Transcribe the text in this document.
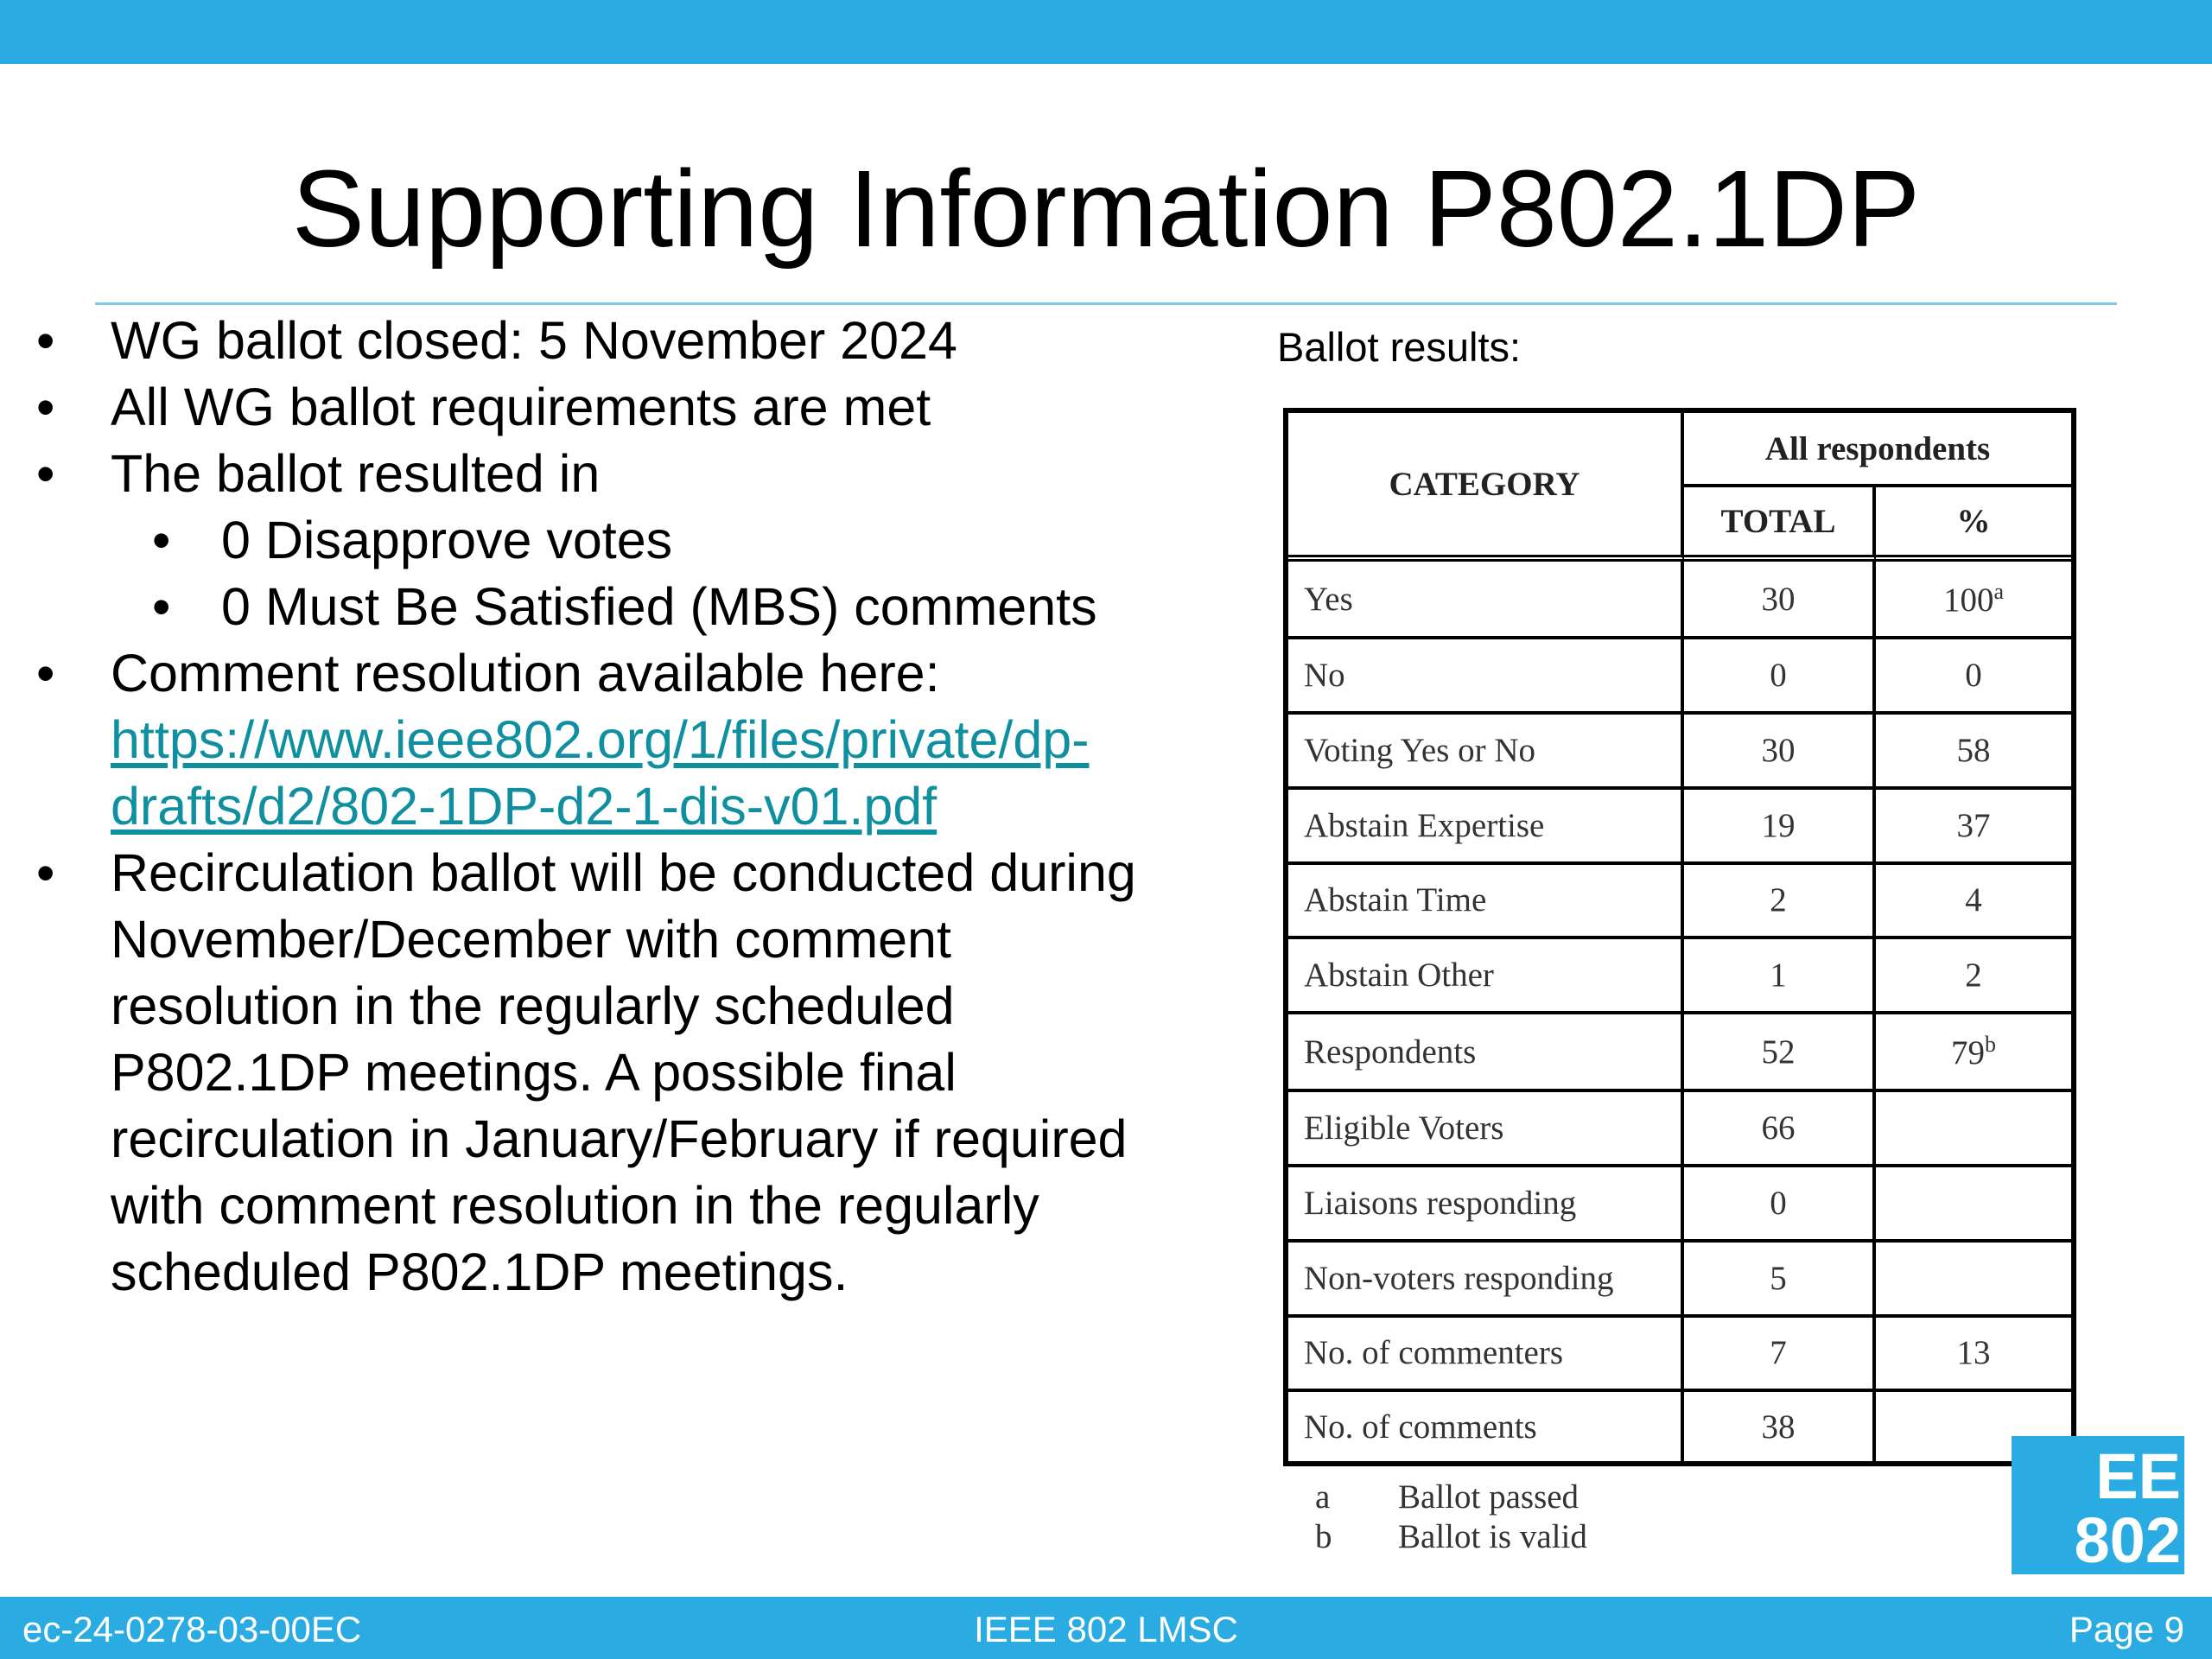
Supporting Information P802.1DP
• WG ballot closed: 5 November 2024
• All WG ballot requirements are met
• The ballot resulted in
• 0 Disapprove votes
• 0 Must Be Satisfied (MBS) comments
• Comment resolution available here:
https://www.ieee802.org/1/files/private/dp-
drafts/d2/802-1DP-d2-1-dis-v01.pdf
• Recirculation ballot will be conducted during
November/December with comment
resolution in the regularly scheduled
P802.1DP meetings. A possible final
recirculation in January/February if required
with comment resolution in the regularly
scheduled P802.1DP meetings.
Ballot results:
CATEGORY	All respondents	
	TOTAL	%
Yes	30	100$^a$
No	0	0
Voting Yes or No	30	58
Abstain Expertise	19	37
Abstain Time	2	4
Abstain Other	1	2
Respondents	52	79$^b$
Eligible Voters	66	
Liaisons responding	0	
Non-voters responding	5	
No. of commenters	7	13
No. of comments	38	
a Ballot passed
b Ballot is valid
EE
802
ec-24-0278-03-00EC	IEEE 802 LMSC	Page 9
